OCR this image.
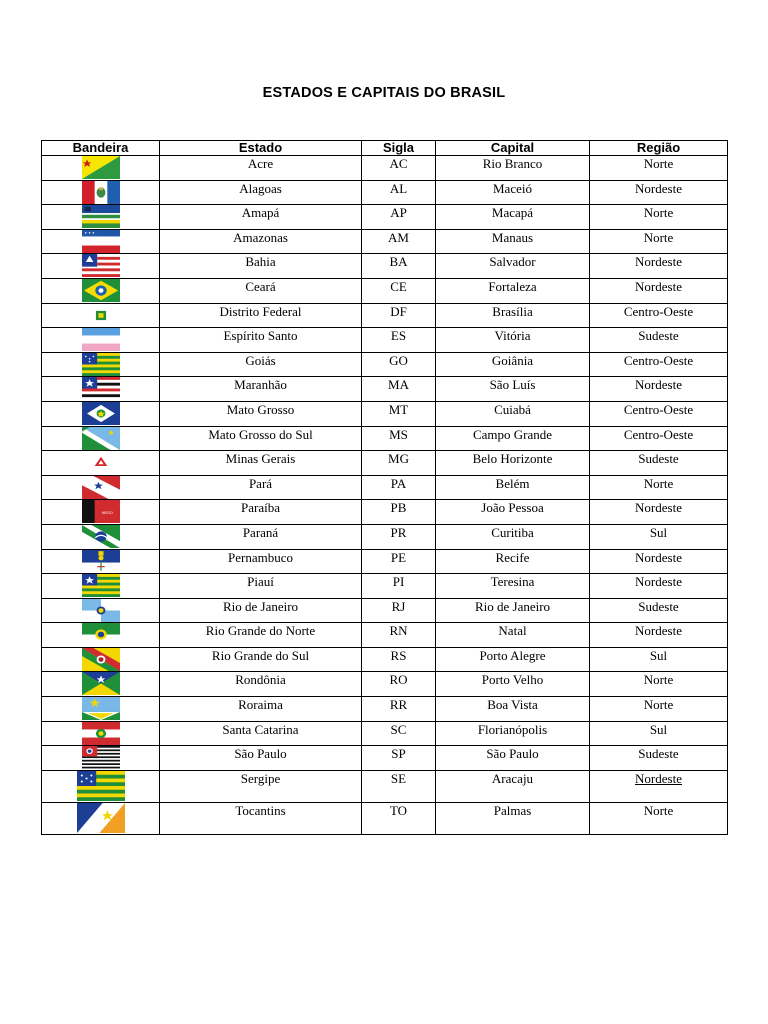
ESTADOS E CAPITAIS DO BRASIL
Bandeira	Estado	Sigla	Capital	Região

	Acre	AC	Rio Branco	Norte

	Alagoas	AL	Maceió	Nordeste

	Amapá	AP	Macapá	Norte

	Amazonas	AM	Manaus	Norte

	Bahia	BA	Salvador	Nordeste

	Ceará	CE	Fortaleza	Nordeste

	Distrito Federal	DF	Brasília	Centro-Oeste

	Espírito Santo	ES	Vitória	Sudeste

	Goiás	GO	Goiânia	Centro-Oeste

	Maranhão	MA	São Luís	Nordeste

	Mato Grosso	MT	Cuiabá	Centro-Oeste

	Mato Grosso do Sul	MS	Campo Grande	Centro-Oeste

	Minas Gerais	MG	Belo Horizonte	Sudeste

	Pará	PA	Belém	Norte

NEGO	Paraíba	PB	João Pessoa	Nordeste

	Paraná	PR	Curitiba	Sul

	Pernambuco	PE	Recife	Nordeste

	Piauí	PI	Teresina	Nordeste

	Rio de Janeiro	RJ	Rio de Janeiro	Sudeste

	Rio Grande do Norte	RN	Natal	Nordeste

	Rio Grande do Sul	RS	Porto Alegre	Sul

	Rondônia	RO	Porto Velho	Norte

	Roraima	RR	Boa Vista	Norte

	Santa Catarina	SC	Florianópolis	Sul

	São Paulo	SP	São Paulo	Sudeste

	Sergipe	SE	Aracaju	Nordeste

	Tocantins	TO	Palmas	Norte
